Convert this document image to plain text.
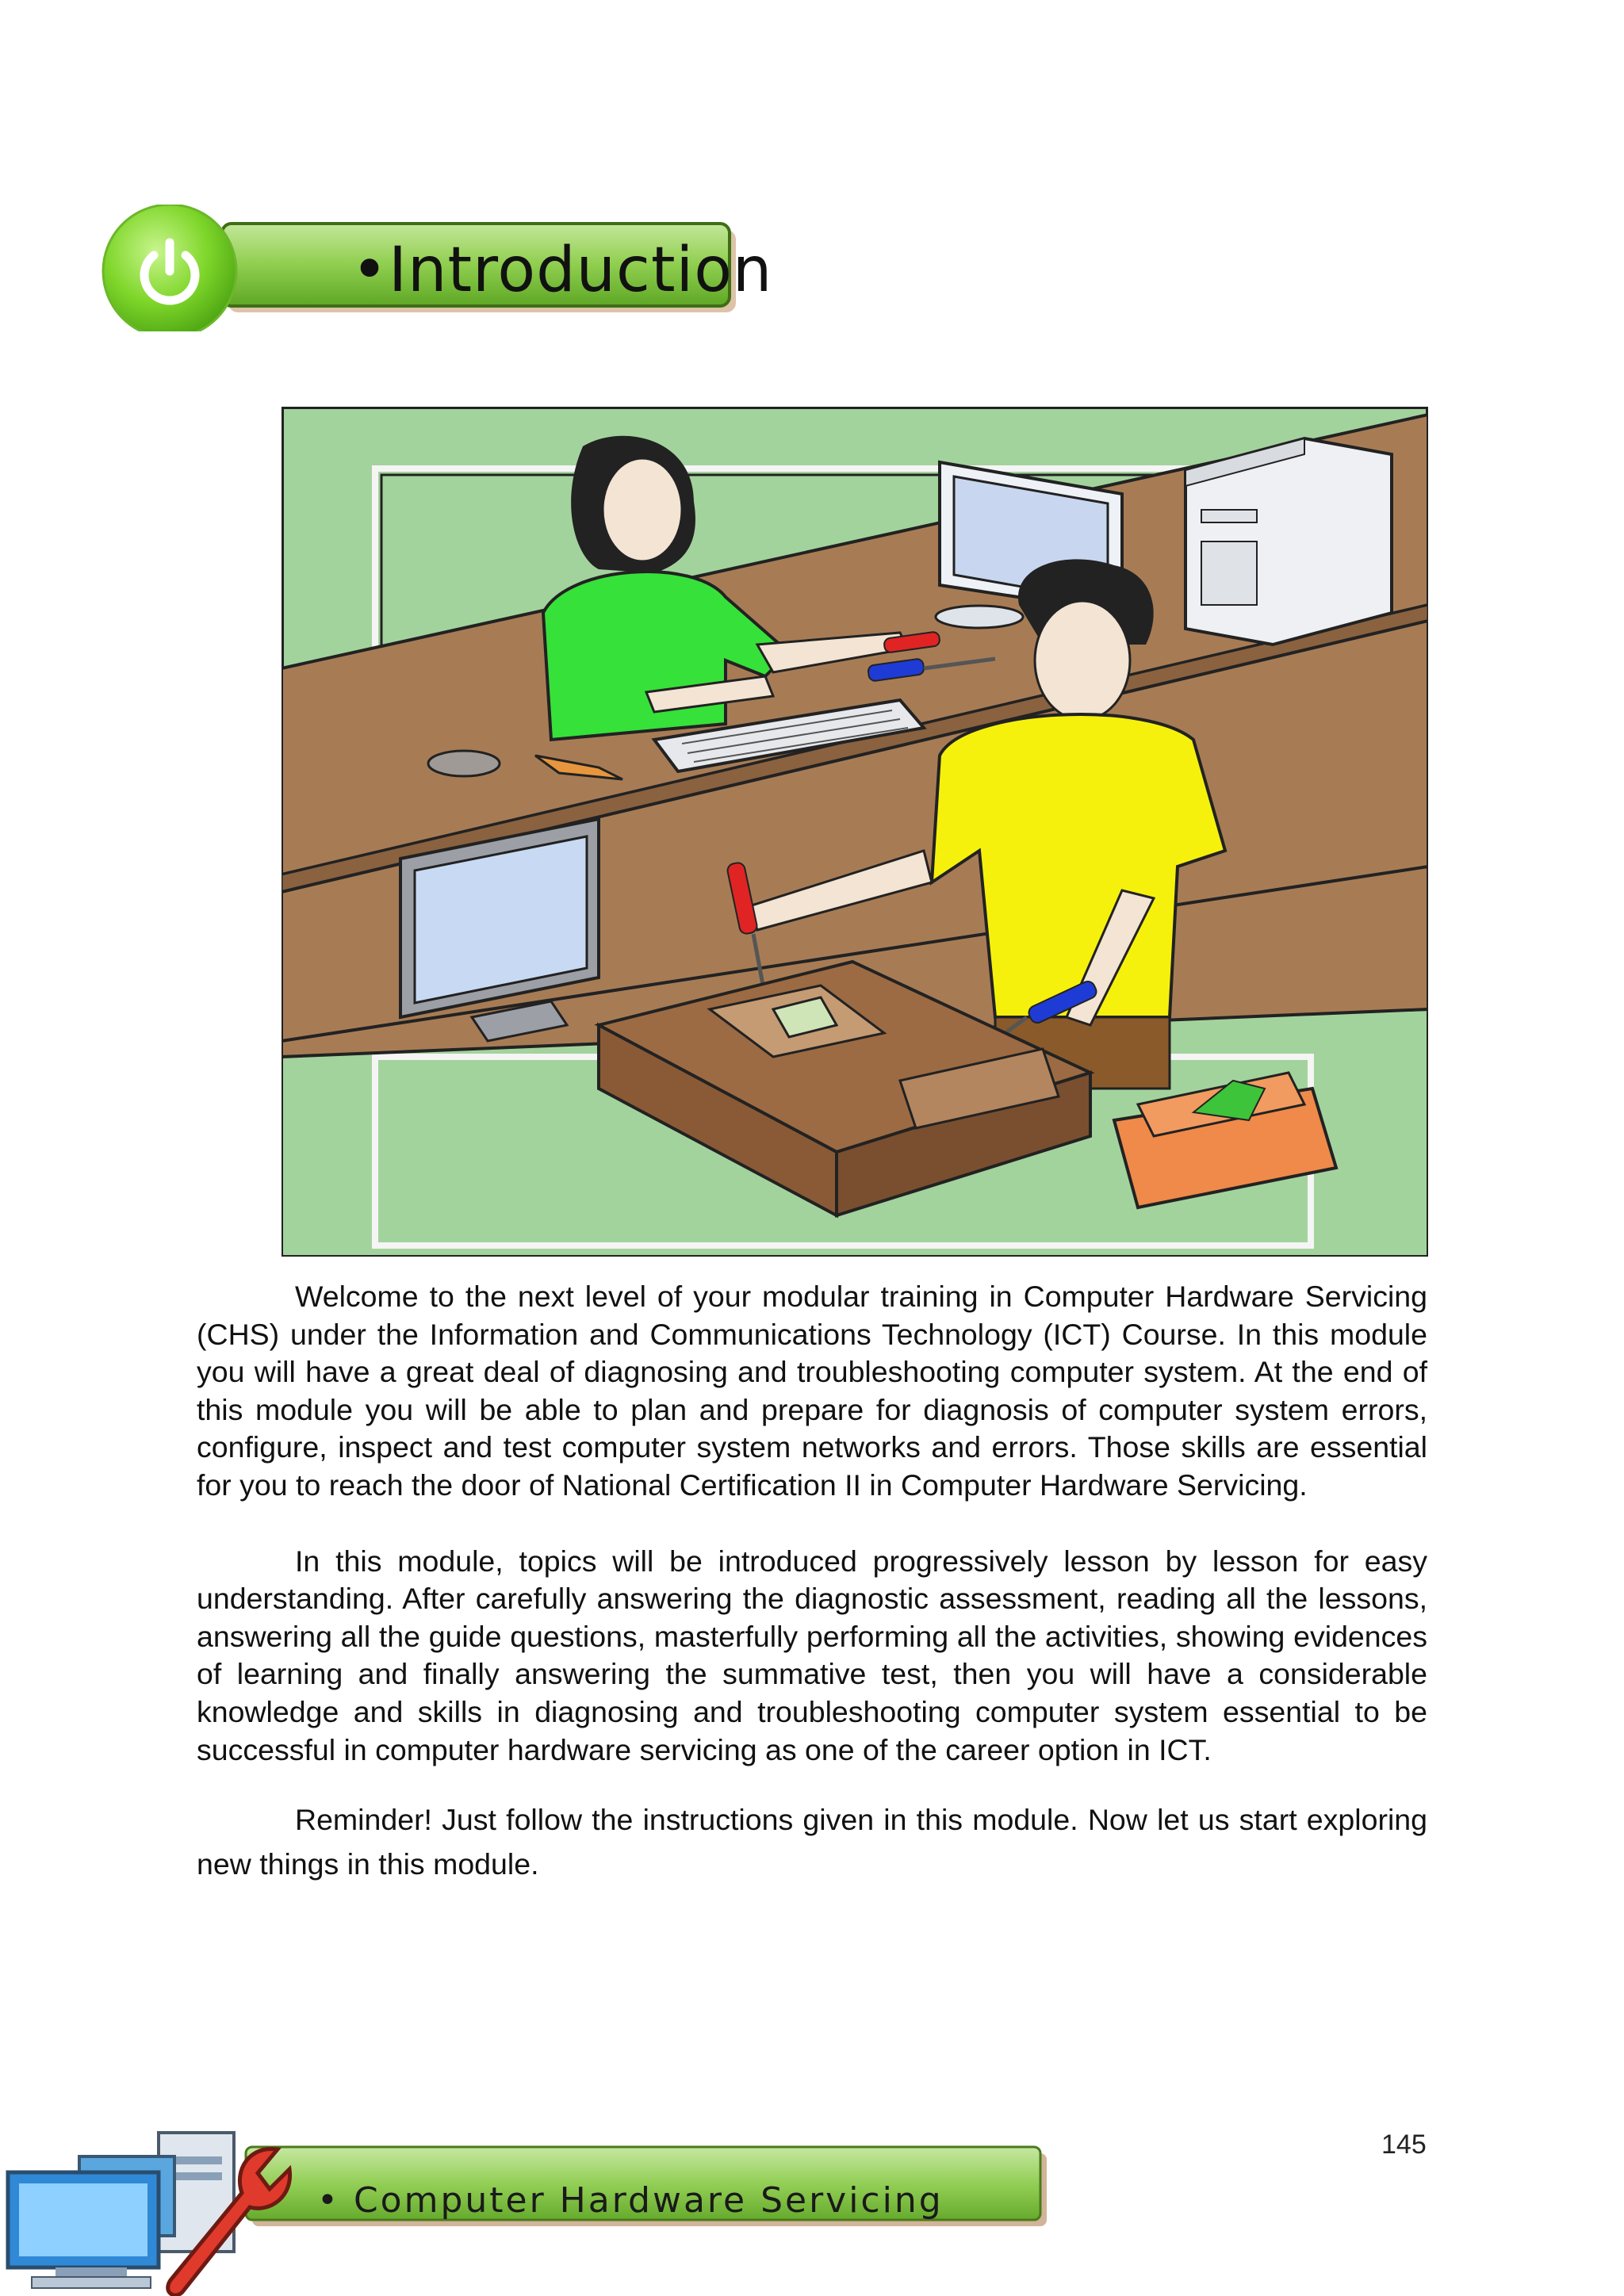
•Introduction

Welcome to the next level of your modular training in Computer Hardware Servicing (CHS) under the Information and Communications Technology (ICT) Course. In this module you will have a great deal of diagnosing and troubleshooting computer system. At the end of this module you will be able to plan and prepare for diagnosis of computer system errors, configure, inspect and test computer system networks and errors. Those skills are essential for you to reach the door of National Certification II in Computer Hardware Servicing.

In this module, topics will be introduced progressively lesson by lesson for easy understanding. After carefully answering the diagnostic assessment, reading all the lessons, answering all the guide questions, masterfully performing all the activities, showing evidences of learning and finally answering the summative test, then you will have a considerable knowledge and skills in diagnosing and troubleshooting computer system essential to be successful in computer hardware servicing as one of the career option in ICT.

Reminder! Just follow the instructions given in this module. Now let us start exploring new things in this module.

145
• Computer Hardware Servicing
